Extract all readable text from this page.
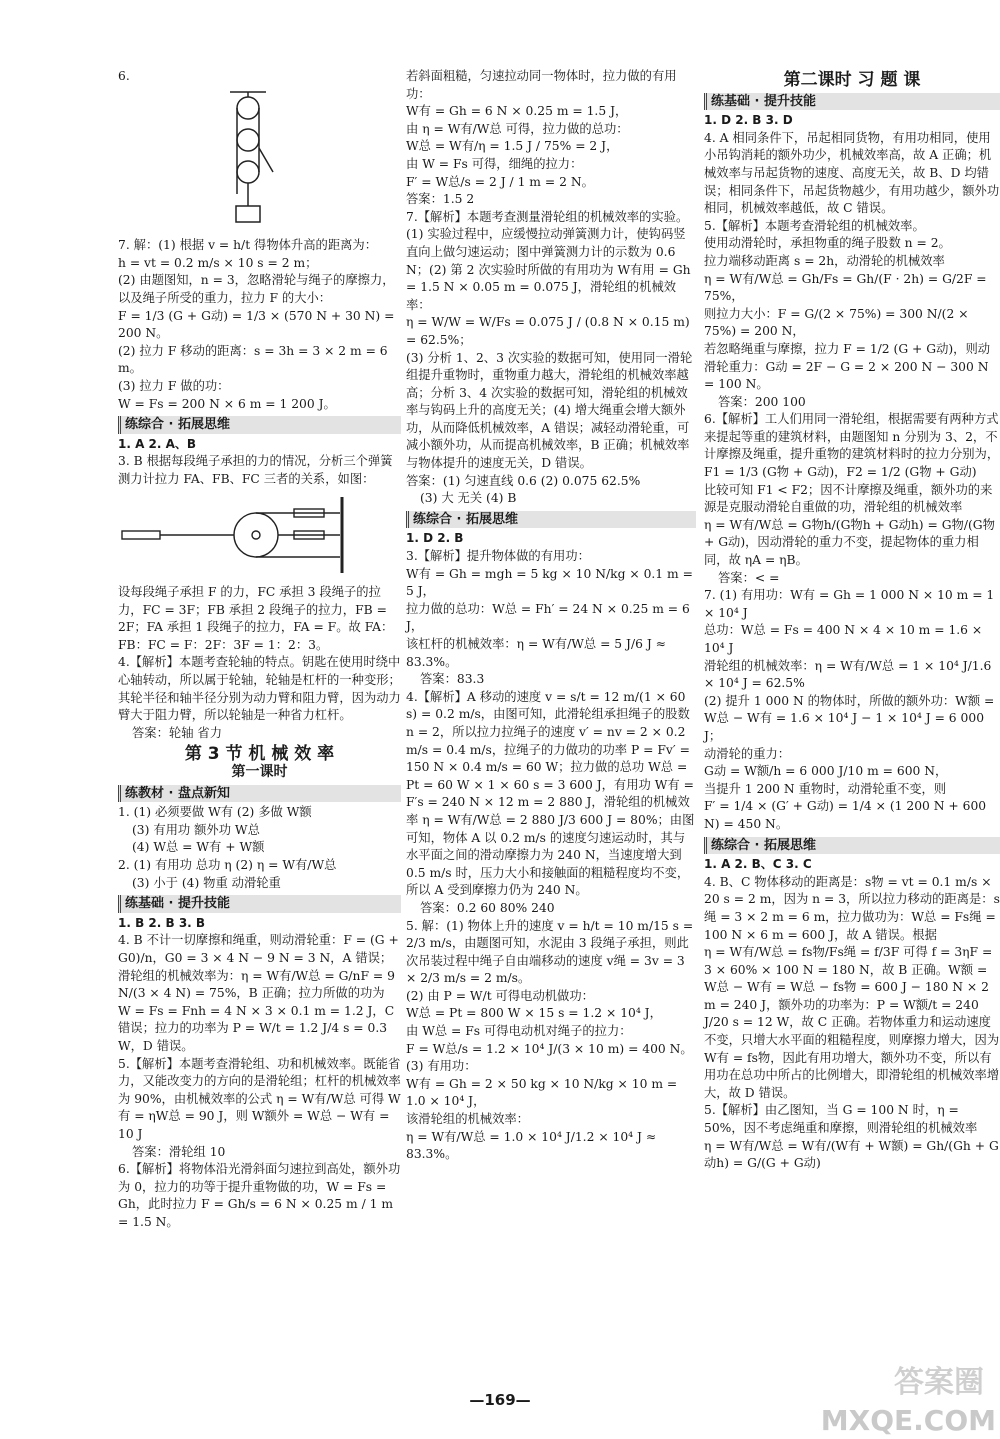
6.
7. 解：(1) 根据 v = h/t 得物体升高的距离为：
h = vt = 0.2 m/s × 10 s = 2 m；
(2) 由题图知，n = 3，忽略滑轮与绳子的摩擦力，以及绳子所受的重力，拉力 F 的大小：
F = 1/3 (G + G动) = 1/3 × (570 N + 30 N) = 200 N。
(2) 拉力 F 移动的距离：s = 3h = 3 × 2 m = 6 m。
(3) 拉力 F 做的功：
W = Fs = 200 N × 6 m = 1 200 J。
练综合 · 拓展思维
1. A 2. A、B
3. B 根据每段绳子承担的力的情况，分析三个弹簧测力计拉力 FA、FB、FC 三者的关系，如图：
设每段绳子承担 F 的力，FC 承担 3 段绳子的拉力，FC = 3F；FB 承担 2 段绳子的拉力，FB = 2F；FA 承担 1 段绳子的拉力，FA = F。故 FA：FB：FC = F：2F：3F = 1：2：3。
4.【解析】本题考查轮轴的特点。钥匙在使用时绕中心轴转动，所以属于轮轴，轮轴是杠杆的一种变形；其轮半径和轴半径分别为动力臂和阻力臂，因为动力臂大于阻力臂，所以轮轴是一种省力杠杆。
答案：轮轴 省力
第 3 节 机 械 效 率
第一课时
练教材 · 盘点新知
1. (1) 必须要做 W有 (2) 多做 W额
(3) 有用功 额外功 W总
(4) W总 = W有 + W额
2. (1) 有用功 总功 η (2) η = W有/W总
(3) 小于 (4) 物重 动滑轮重
练基础 · 提升技能
1. B 2. B 3. B
4. B 不计一切摩擦和绳重，则动滑轮重：F = (G + G0)/n，G0 = 3 × 4 N − 9 N = 3 N，A 错误；滑轮组的机械效率为：η = W有/W总 = G/nF = 9 N/(3 × 4 N) = 75%，B 正确；拉力所做的功为 W = Fs = Fnh = 4 N × 3 × 0.1 m = 1.2 J，C 错误；拉力的功率为 P = W/t = 1.2 J/4 s = 0.3 W，D 错误。
5.【解析】本题考查滑轮组、功和机械效率。既能省力，又能改变力的方向的是滑轮组；杠杆的机械效率为 90%，由机械效率的公式 η = W有/W总 可得 W有 = ηW总 = 90 J，则 W额外 = W总 − W有 = 10 J
答案：滑轮组 10
6.【解析】将物体沿光滑斜面匀速拉到高处，额外功为 0，拉力的功等于提升重物做的功，W = Fs = Gh，此时拉力 F = Gh/s = 6 N × 0.25 m / 1 m = 1.5 N。
若斜面粗糙，匀速拉动同一物体时，拉力做的有用功：
W有 = Gh = 6 N × 0.25 m = 1.5 J，
由 η = W有/W总 可得，拉力做的总功：
W总 = W有/η = 1.5 J / 75% = 2 J，
由 W = Fs 可得，细绳的拉力：
F′ = W总/s = 2 J / 1 m = 2 N。
答案：1.5 2
7.【解析】本题考查测量滑轮组的机械效率的实验。(1) 实验过程中，应缓慢拉动弹簧测力计，使钩码竖直向上做匀速运动；图中弹簧测力计的示数为 0.6 N；(2) 第 2 次实验时所做的有用功为 W有用 = Gh = 1.5 N × 0.05 m = 0.075 J，滑轮组的机械效率：
η = W/W = W/Fs = 0.075 J / (0.8 N × 0.15 m) = 62.5%；
(3) 分析 1、2、3 次实验的数据可知，使用同一滑轮组提升重物时，重物重力越大，滑轮组的机械效率越高；分析 3、4 次实验的数据可知，滑轮组的机械效率与钩码上升的高度无关；(4) 增大绳重会增大额外功，从而降低机械效率，A 错误；减轻动滑轮重，可减小额外功，从而提高机械效率，B 正确；机械效率与物体提升的速度无关，D 错误。
答案：(1) 匀速直线 0.6 (2) 0.075 62.5%
(3) 大 无关 (4) B
练综合 · 拓展思维
1. D 2. B
3.【解析】提升物体做的有用功：
W有 = Gh = mgh = 5 kg × 10 N/kg × 0.1 m = 5 J，
拉力做的总功：W总 = Fh′ = 24 N × 0.25 m = 6 J，
该杠杆的机械效率：η = W有/W总 = 5 J/6 J ≈ 83.3%。
答案：83.3
4.【解析】A 移动的速度 v = s/t = 12 m/(1 × 60 s) = 0.2 m/s，由图可知，此滑轮组承担绳子的股数 n = 2，所以拉力拉绳子的速度 v′ = nv = 2 × 0.2 m/s = 0.4 m/s，拉绳子的力做功的功率 P = Fv′ = 150 N × 0.4 m/s = 60 W；拉力做的总功 W总 = Pt = 60 W × 1 × 60 s = 3 600 J，有用功 W有 = F′s = 240 N × 12 m = 2 880 J，滑轮组的机械效率 η = W有/W总 = 2 880 J/3 600 J = 80%；由图可知，物体 A 以 0.2 m/s 的速度匀速运动时，其与水平面之间的滑动摩擦力为 240 N，当速度增大到 0.5 m/s 时，压力大小和接触面的粗糙程度均不变，所以 A 受到摩擦力仍为 240 N。
答案：0.2 60 80% 240
5. 解：(1) 物体上升的速度 v = h/t = 10 m/15 s = 2/3 m/s，由题图可知，水泥由 3 段绳子承担，则此次吊装过程中绳子自由端移动的速度 v绳 = 3v = 3 × 2/3 m/s = 2 m/s。
(2) 由 P = W/t 可得电动机做功：
W总 = Pt = 800 W × 15 s = 1.2 × 10⁴ J，
由 W总 = Fs 可得电动机对绳子的拉力：
F = W总/s = 1.2 × 10⁴ J/(3 × 10 m) = 400 N。
(3) 有用功：
W有 = Gh = 2 × 50 kg × 10 N/kg × 10 m = 1.0 × 10⁴ J，
该滑轮组的机械效率：
η = W有/W总 = 1.0 × 10⁴ J/1.2 × 10⁴ J ≈ 83.3%。
第二课时 习 题 课
练基础 · 提升技能
1. D 2. B 3. D
4. A 相同条件下，吊起相同货物，有用功相同，使用小吊钩消耗的额外功少，机械效率高，故 A 正确；机械效率与吊起货物的速度、高度无关，故 B、D 均错误；相同条件下，吊起货物越少，有用功越少，额外功相同，机械效率越低，故 C 错误。
5.【解析】本题考查滑轮组的机械效率。
使用动滑轮时，承担物重的绳子股数 n = 2。
拉力端移动距离 s = 2h，动滑轮的机械效率
η = W有/W总 = Gh/Fs = Gh/(F · 2h) = G/2F = 75%，
则拉力大小：F = G/(2 × 75%) = 300 N/(2 × 75%) = 200 N，
若忽略绳重与摩擦，拉力 F = 1/2 (G + G动)，则动滑轮重力：G动 = 2F − G = 2 × 200 N − 300 N = 100 N。
答案：200 100
6.【解析】工人们用同一滑轮组，根据需要有两种方式来提起等重的建筑材料，由题图知 n 分别为 3、2，不计摩擦及绳重，提升重物的建筑材料时的拉力分别为，
F1 = 1/3 (G物 + G动)，F2 = 1/2 (G物 + G动)
比较可知 F1 < F2；因不计摩擦及绳重，额外功的来源是克服动滑轮自重做的功，滑轮组的机械效率
η = W有/W总 = G物h/(G物h + G动h) = G物/(G物 + G动)，因动滑轮的重力不变，提起物体的重力相同，故 ηA = ηB。
答案：< =
7. (1) 有用功：W有 = Gh = 1 000 N × 10 m = 1 × 10⁴ J
总功：W总 = Fs = 400 N × 4 × 10 m = 1.6 × 10⁴ J
滑轮组的机械效率：η = W有/W总 = 1 × 10⁴ J/1.6 × 10⁴ J = 62.5%
(2) 提升 1 000 N 的物体时，所做的额外功：W额 = W总 − W有 = 1.6 × 10⁴ J − 1 × 10⁴ J = 6 000 J；
动滑轮的重力：
G动 = W额/h = 6 000 J/10 m = 600 N，
当提升 1 200 N 重物时，动滑轮重不变，则
F′ = 1/4 × (G′ + G动) = 1/4 × (1 200 N + 600 N) = 450 N。
练综合 · 拓展思维
1. A 2. B、C 3. C
4. B、C 物体移动的距离是：s物 = vt = 0.1 m/s × 20 s = 2 m，因为 n = 3，所以拉力移动的距离是：s绳 = 3 × 2 m = 6 m，拉力做功为：W总 = Fs绳 = 100 N × 6 m = 600 J，故 A 错误。根据
η = W有/W总 = fs物/Fs绳 = f/3F 可得 f = 3ηF = 3 × 60% × 100 N = 180 N，故 B 正确。W额 = W总 − W有 = W总 − fs物 = 600 J − 180 N × 2 m = 240 J，额外功的功率为：P = W额/t = 240 J/20 s = 12 W，故 C 正确。若物体重力和运动速度不变，只增大水平面的粗糙程度，则摩擦力增大，因为 W有 = fs物，因此有用功增大，额外功不变，所以有用功在总功中所占的比例增大，即滑轮组的机械效率增大，故 D 错误。
5.【解析】由乙图知，当 G = 100 N 时，η = 50%，因不考虑绳重和摩擦，则滑轮组的机械效率
η = W有/W总 = W有/(W有 + W额) = Gh/(Gh + G动h) = G/(G + G动)
—169—	答案圈
MXQE.COM
